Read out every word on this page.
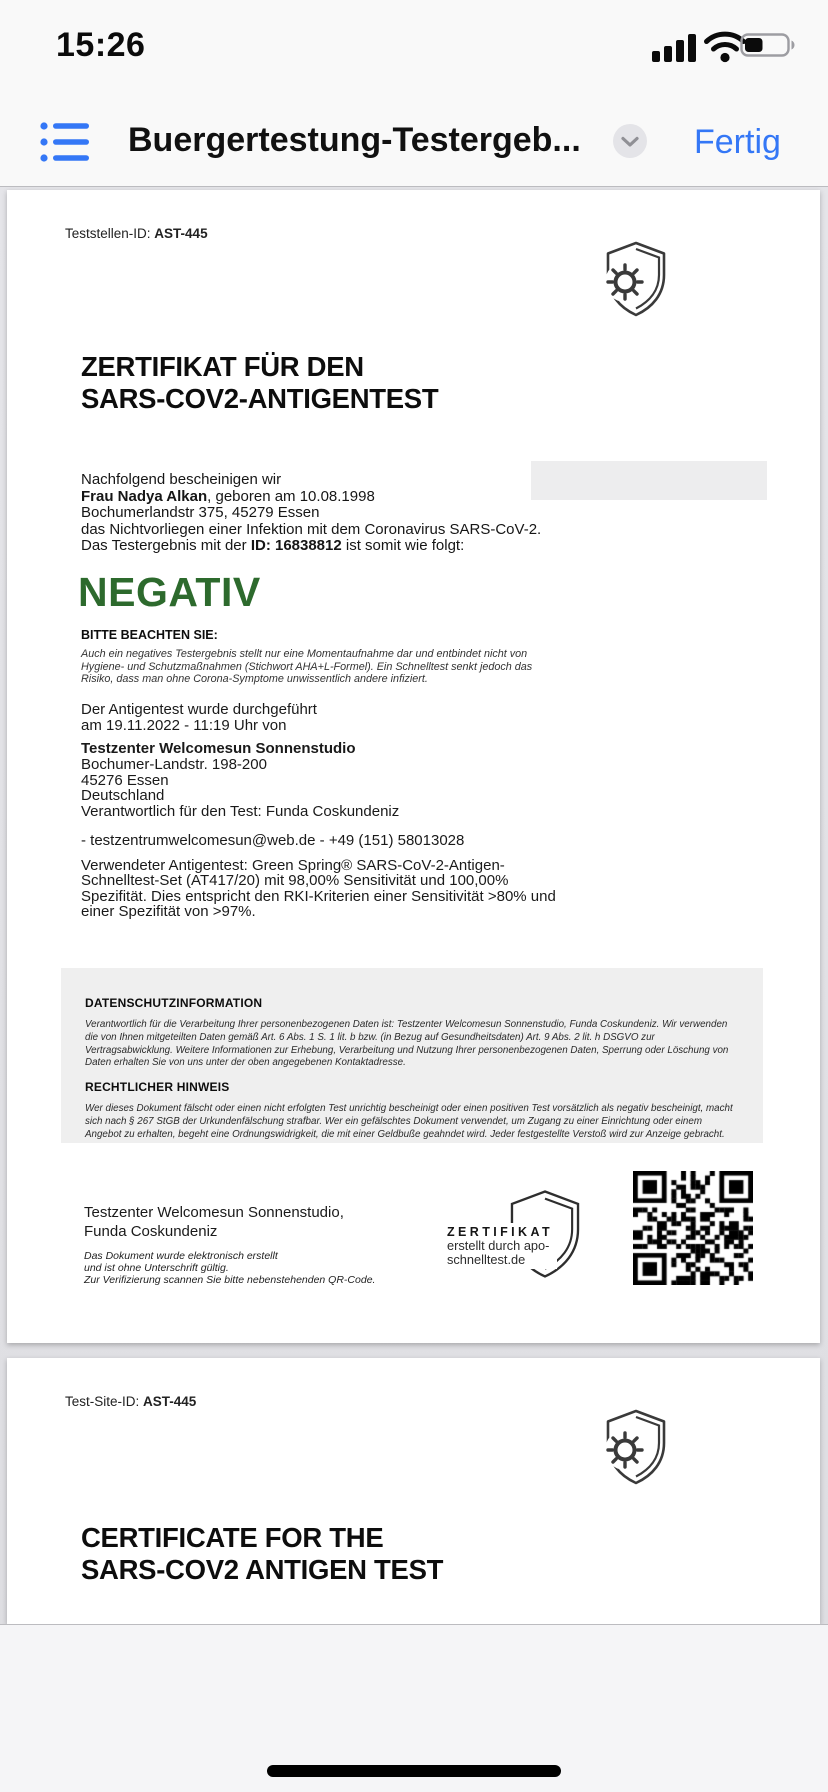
15:26
Buergertestung-Testergeb...	Fertig
Teststellen-ID: AST-445
ZERTIFIKAT FÜR DEN
SARS-COV2-ANTIGENTEST
Nachfolgend bescheinigen wir
Frau Nadya Alkan, geboren am 10.08.1998
Bochumerlandstr 375, 45279 Essen
das Nichtvorliegen einer Infektion mit dem Coronavirus SARS-CoV-2.
Das Testergebnis mit der ID: 16838812 ist somit wie folgt:
NEGATIV
BITTE BEACHTEN SIE:
Auch ein negatives Testergebnis stellt nur eine Momentaufnahme dar und entbindet nicht von Hygiene- und Schutzmaßnahmen (Stichwort AHA+L-Formel). Ein Schnelltest senkt jedoch das Risiko, dass man ohne Corona-Symptome unwissentlich andere infiziert.
Der Antigentest wurde durchgeführt
am 19.11.2022 - 11:19 Uhr von
Testzenter Welcomesun Sonnenstudio
Bochumer-Landstr. 198-200
45276 Essen
Deutschland
Verantwortlich für den Test: Funda Coskundeniz
- testzentrumwelcomesun@web.de - +49 (151) 58013028
Verwendeter Antigentest: Green Spring® SARS-CoV-2-Antigen-Schnelltest-Set (AT417/20) mit 98,00% Sensitivität und 100,00% Spezifität. Dies entspricht den RKI-Kriterien einer Sensitivität >80% und einer Spezifität von >97%.
DATENSCHUTZINFORMATION

Verantwortlich für die Verarbeitung Ihrer personenbezogenen Daten ist: Testzenter Welcomesun Sonnenstudio, Funda Coskundeniz. Wir verwenden die von Ihnen mitgeteilten Daten gemäß Art. 6 Abs. 1 S. 1 lit. b bzw. (in Bezug auf Gesundheitsdaten) Art. 9 Abs. 2 lit. h DSGVO zur Vertragsabwicklung. Weitere Informationen zur Erhebung, Verarbeitung und Nutzung Ihrer personenbezogenen Daten, Sperrung oder Löschung von Daten erhalten Sie von uns unter der oben angegebenen Kontaktadresse.

RECHTLICHER HINWEIS

Wer dieses Dokument fälscht oder einen nicht erfolgten Test unrichtig bescheinigt oder einen positiven Test vorsätzlich als negativ bescheinigt, macht sich nach § 267 StGB der Urkundenfälschung strafbar. Wer ein gefälschtes Dokument verwendet, um Zugang zu einer Einrichtung oder einem Angebot zu erhalten, begeht eine Ordnungswidrigkeit, die mit einer Geldbuße geahndet wird. Jeder festgestellte Verstoß wird zur Anzeige gebracht.

Testzenter Welcomesun Sonnenstudio,
Funda Coskundeniz
Das Dokument wurde elektronisch erstellt
und ist ohne Unterschrift gültig.
Zur Verifizierung scannen Sie bitte nebenstehenden QR-Code.
ZERTIFIKAT
erstellt durch apo-
schnelltest.de
Test-Site-ID: AST-445
CERTIFICATE FOR THE
SARS-COV2 ANTIGEN TEST
